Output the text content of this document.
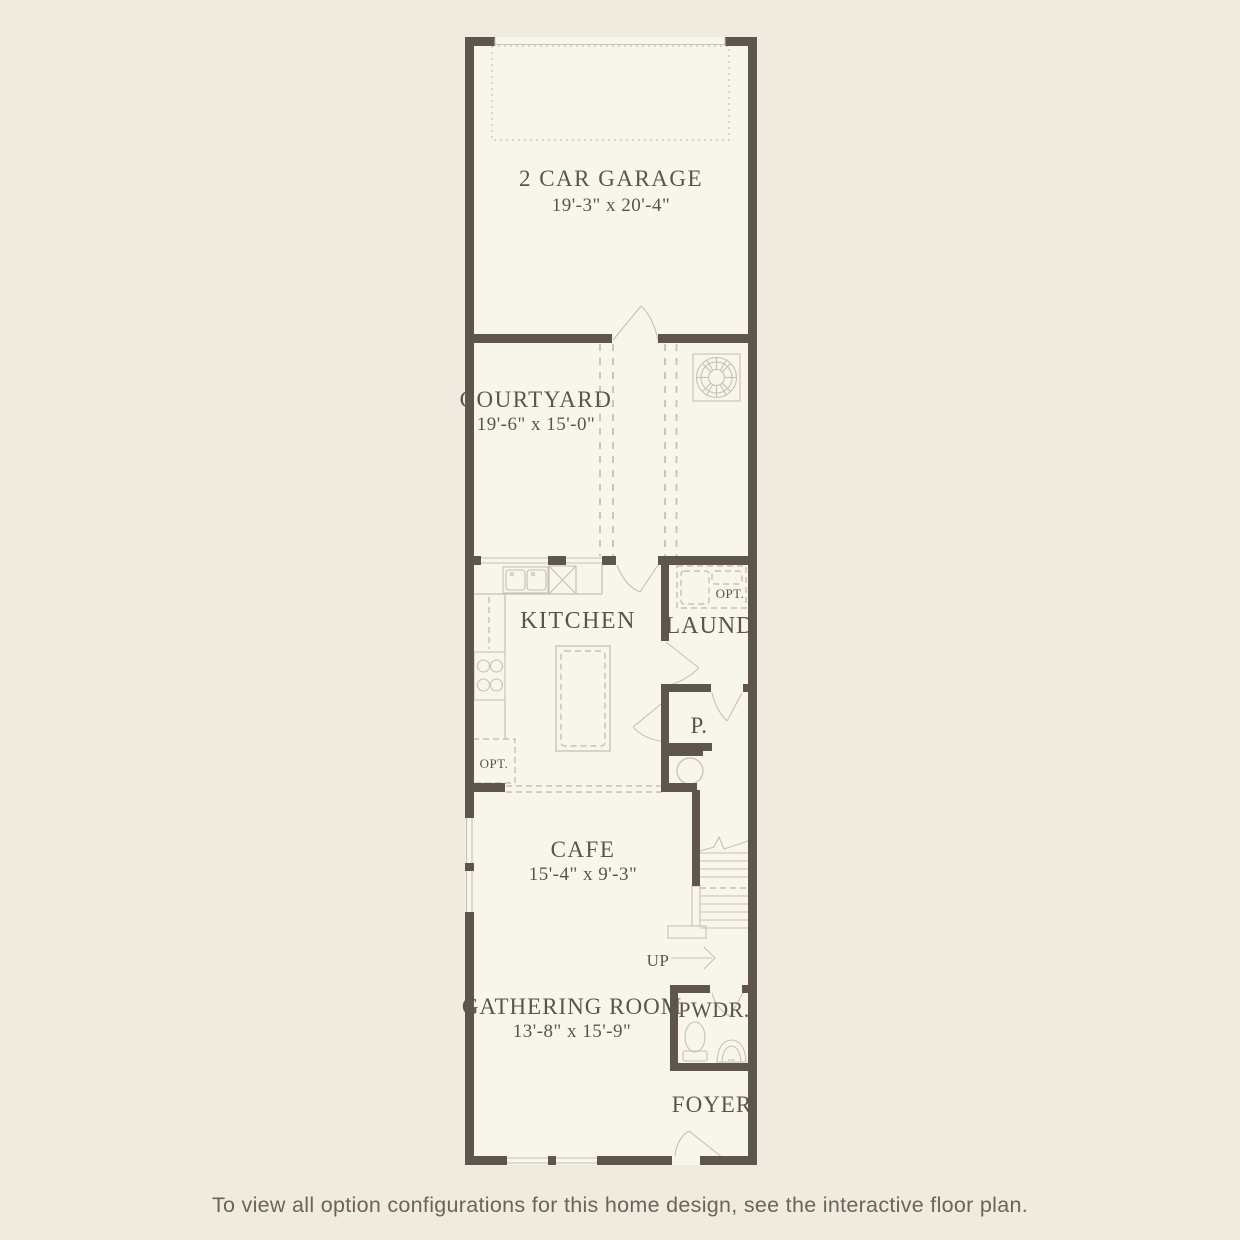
2 CAR GARAGE
19'-3" x 20'-4"
COURTYARD
19'-6" x 15'-0"
KITCHEN
OPT.
LAUND
OPT.
P.
CAFE
15'-4" x 9'-3"
UP
GATHERING ROOM
13'-8" x 15'-9"
PWDR.
FOYER
To view all option configurations for this home design, see the interactive floor plan.
